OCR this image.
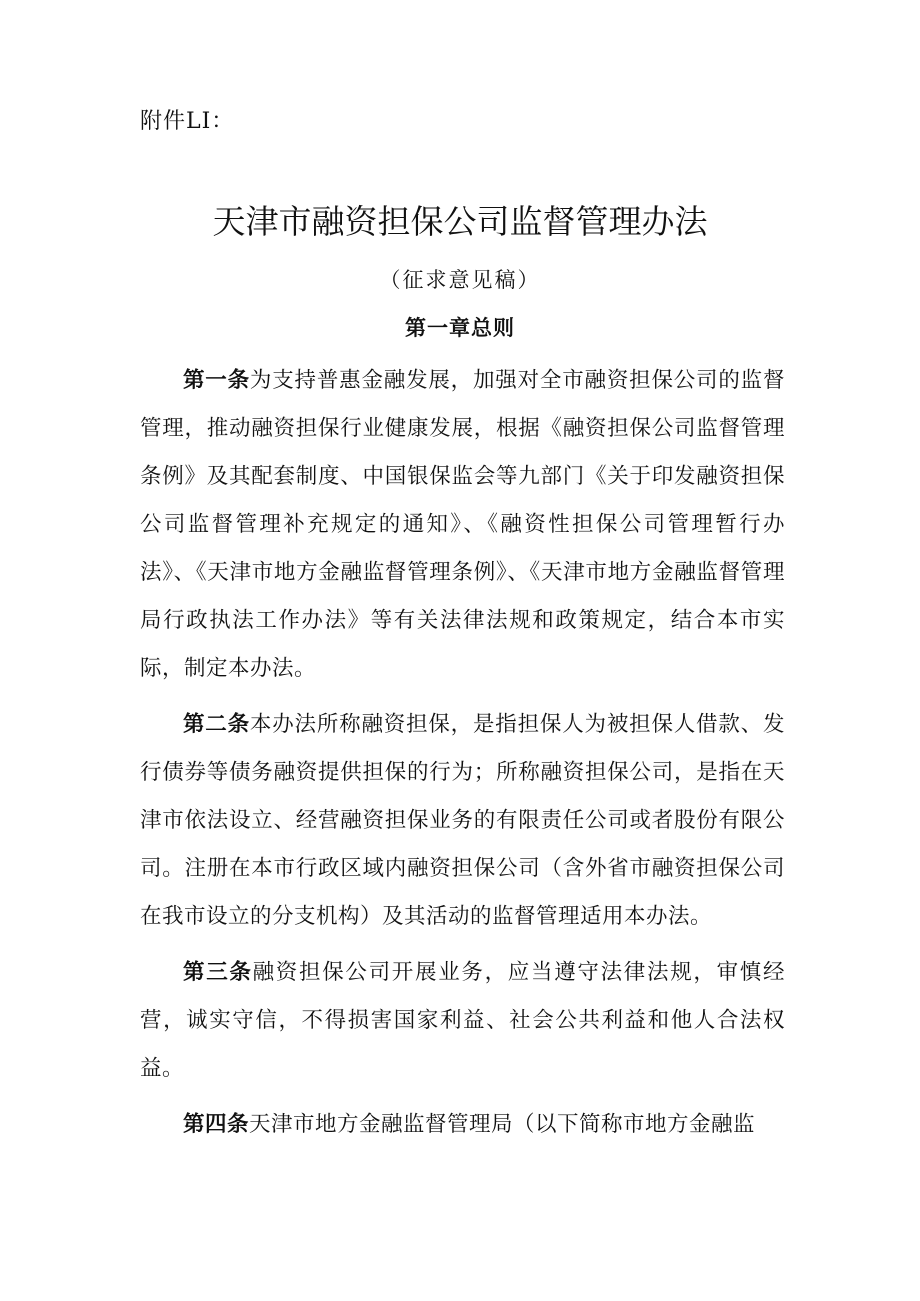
附件LI：
天津市融资担保公司监督管理办法
（征求意见稿）
第一章总则

第一条为支持普惠金融发展，加强对全市融资担保公司的监督管理，推动融资担保行业健康发展，根据《融资担保公司监督管理条例》及其配套制度、中国银保监会等九部门《关于印发融资担保公司监督管理补充规定的通知》、《融资性担保公司管理暂行办法》、《天津市地方金融监督管理条例》、《天津市地方金融监督管理局行政执法工作办法》等有关法律法规和政策规定，结合本市实际，制定本办法。

第二条本办法所称融资担保，是指担保人为被担保人借款、发行债券等债务融资提供担保的行为；所称融资担保公司，是指在天津市依法设立、经营融资担保业务的有限责任公司或者股份有限公司。注册在本市行政区域内融资担保公司（含外省市融资担保公司在我市设立的分支机构）及其活动的监督管理适用本办法。

第三条融资担保公司开展业务，应当遵守法律法规，审慎经营，诚实守信，不得损害国家利益、社会公共利益和他人合法权益。

第四条天津市地方金融监督管理局（以下简称市地方金融监
